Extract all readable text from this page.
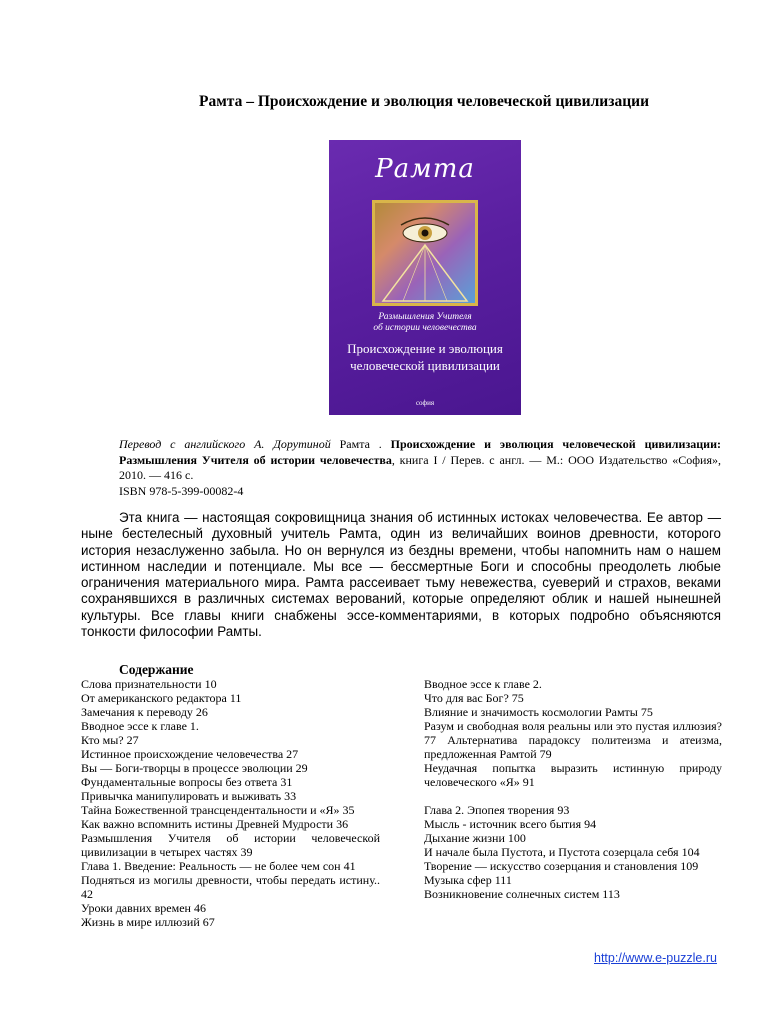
Рамта – Происхождение и эволюция человеческой цивилизации
Рамта
Размышления Учителя
об истории человечества
Происхождение и эволюция
человеческой цивилизации
софия
Перевод с английского А. Дорутиной Рамта . Происхождение и эволюция человеческой цивилизации: Размышления Учителя об истории человечества, книга I / Перев. с англ. — М.: ООО Издательство «София», 2010. — 416 с.
ISBN 978-5-399-00082-4
Эта книга — настоящая сокровищница знания об истинных истоках человечества. Ее автор — ныне бестелесный духовный учитель Рамта, один из величайших воинов древности, которого история незаслуженно забыла. Но он вернулся из бездны времени, чтобы напомнить нам о нашем истинном наследии и потенциале. Мы все — бессмертные Боги и способны преодолеть любые ограничения материального мира. Рамта рассеивает тьму невежества, суеверий и страхов, веками сохранявшихся в различных системах верований, которые определяют облик и нашей нынешней культуры. Все главы книги снабжены эссе-комментариями, в которых подробно объясняются тонкости философии Рамты.
Содержание
Слова признательности 10
От американского редактора 11
Замечания к переводу 26
Вводное эссе к главе 1.
Кто мы? 27
Истинное происхождение человечества 27
Вы — Боги-творцы в процессе эволюции 29
Фундаментальные вопросы без ответа 31
Привычка манипулировать и выживать 33
Тайна Божественной трансцендентальности и «Я» 35
Как важно вспомнить истины Древней Мудрости 36
Размышления Учителя об истории человеческой цивилизации в четырех частях 39
Глава 1. Введение: Реальность — не более чем сон 41
Подняться из могилы древности, чтобы передать истину.. 42
Уроки давних времен 46
Жизнь в мире иллюзий 67
Вводное эссе к главе 2.
Что для вас Бог? 75
Влияние и значимость космологии Рамты 75
Разум и свободная воля реальны или это пустая иллюзия? 77 Альтернатива парадоксу политеизма и атеизма, предложенная Рамтой 79
Неудачная попытка выразить истинную природу человеческого «Я» 91
Глава 2. Эпопея творения 93
Мысль - источник всего бытия 94
Дыхание жизни 100
И начале была Пустота, и Пустота созерцала себя 104
Творение — искусство созерцания и становления 109
Музыка сфер 111
Возникновение солнечных систем 113
http://www.e-puzzle.ru
